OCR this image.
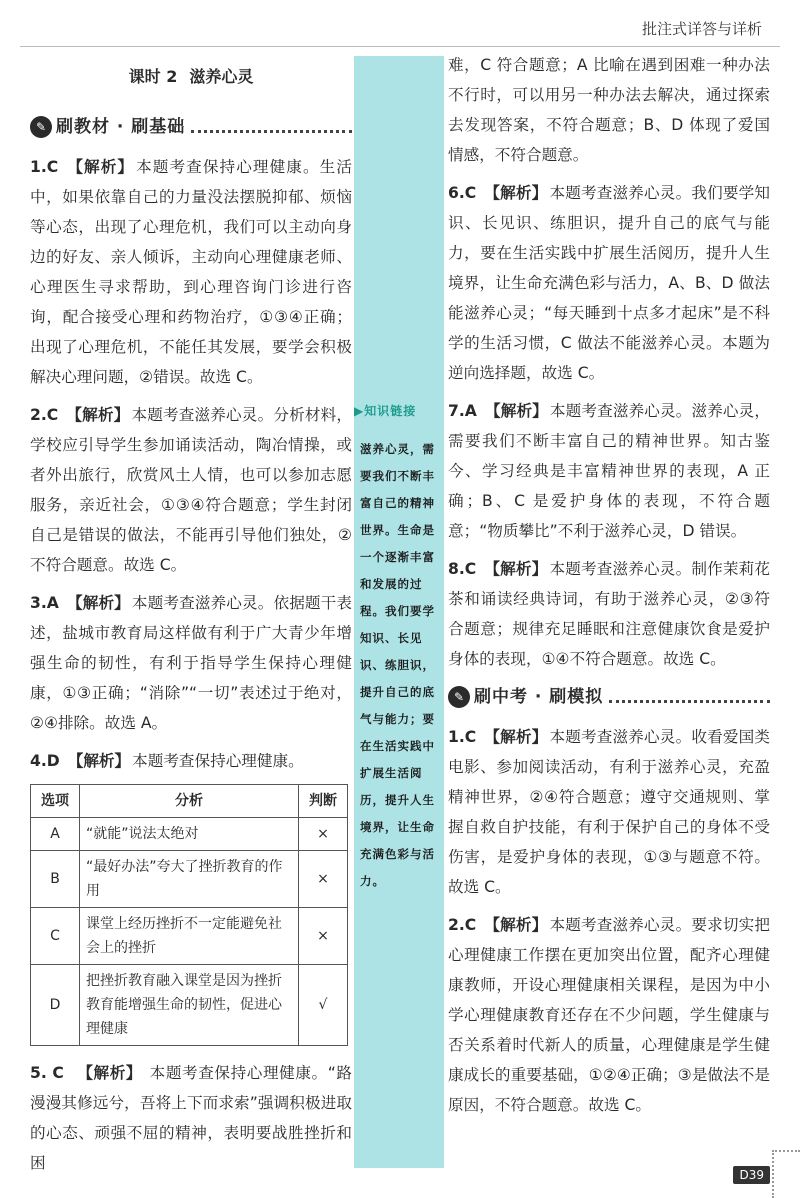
批注式详答与详析
▶知识链接
滋养心灵，需要我们不断丰富自己的精神世界。生命是一个逐渐丰富和发展的过程。我们要学知识、长见识、练胆识，提升自己的底气与能力；要在生活实践中扩展生活阅历，提升人生境界，让生命充满色彩与活力。
课时 2 滋养心灵
✎ 刷教材 · 刷基础
1.C 【解析】 本题考查保持心理健康。生活中，如果依靠自己的力量没法摆脱抑郁、烦恼等心态，出现了心理危机，我们可以主动向身边的好友、亲人倾诉，主动向心理健康老师、心理医生寻求帮助，到心理咨询门诊进行咨询，配合接受心理和药物治疗，①③④正确；出现了心理危机，不能任其发展，要学会积极解决心理问题，②错误。故选 C。
2.C 【解析】 本题考查滋养心灵。分析材料，学校应引导学生参加诵读活动，陶冶情操，或者外出旅行，欣赏风土人情，也可以参加志愿服务，亲近社会，①③④符合题意；学生封闭自己是错误的做法，不能再引导他们独处，②不符合题意。故选 C。
3.A 【解析】 本题考查滋养心灵。依据题干表述，盐城市教育局这样做有利于广大青少年增强生命的韧性，有利于指导学生保持心理健康，①③正确；“消除”“一切”表述过于绝对，②④排除。故选 A。
4.D 【解析】 本题考查保持心理健康。
选项	分析	判断
A	“就能”说法太绝对	×
B	“最好办法”夸大了挫折教育的作用	×
C	课堂上经历挫折不一定能避免社会上的挫折	×
D	把挫折教育融入课堂是因为挫折教育能增强生命的韧性，促进心理健康	√
5. C 【解析】 本题考查保持心理健康。“路漫漫其修远兮，吾将上下而求索”强调积极进取的心态、顽强不屈的精神，表明要战胜挫折和困
难，C 符合题意；A 比喻在遇到困难一种办法不行时，可以用另一种办法去解决，通过探索去发现答案，不符合题意；B、D 体现了爱国情感，不符合题意。
6.C 【解析】 本题考查滋养心灵。我们要学知识、长见识、练胆识，提升自己的底气与能力，要在生活实践中扩展生活阅历，提升人生境界，让生命充满色彩与活力，A、B、D 做法能滋养心灵；“每天睡到十点多才起床”是不科学的生活习惯，C 做法不能滋养心灵。本题为逆向选择题，故选 C。
7.A 【解析】 本题考查滋养心灵。滋养心灵，需要我们不断丰富自己的精神世界。知古鉴今、学习经典是丰富精神世界的表现，A 正确；B、C 是爱护身体的表现，不符合题意；“物质攀比”不利于滋养心灵，D 错误。
8.C 【解析】 本题考查滋养心灵。制作茉莉花茶和诵读经典诗词，有助于滋养心灵，②③符合题意；规律充足睡眠和注意健康饮食是爱护身体的表现，①④不符合题意。故选 C。
✎ 刷中考 · 刷模拟
1.C 【解析】 本题考查滋养心灵。收看爱国类电影、参加阅读活动，有利于滋养心灵，充盈精神世界，②④符合题意；遵守交通规则、掌握自救自护技能，有利于保护自己的身体不受伤害，是爱护身体的表现，①③与题意不符。故选 C。
2.C 【解析】 本题考查滋养心灵。要求切实把心理健康工作摆在更加突出位置，配齐心理健康教师，开设心理健康相关课程，是因为中小学心理健康教育还存在不少问题，学生健康与否关系着时代新人的质量，心理健康是学生健康成长的重要基础，①②④正确；③是做法不是原因，不符合题意。故选 C。
D39
